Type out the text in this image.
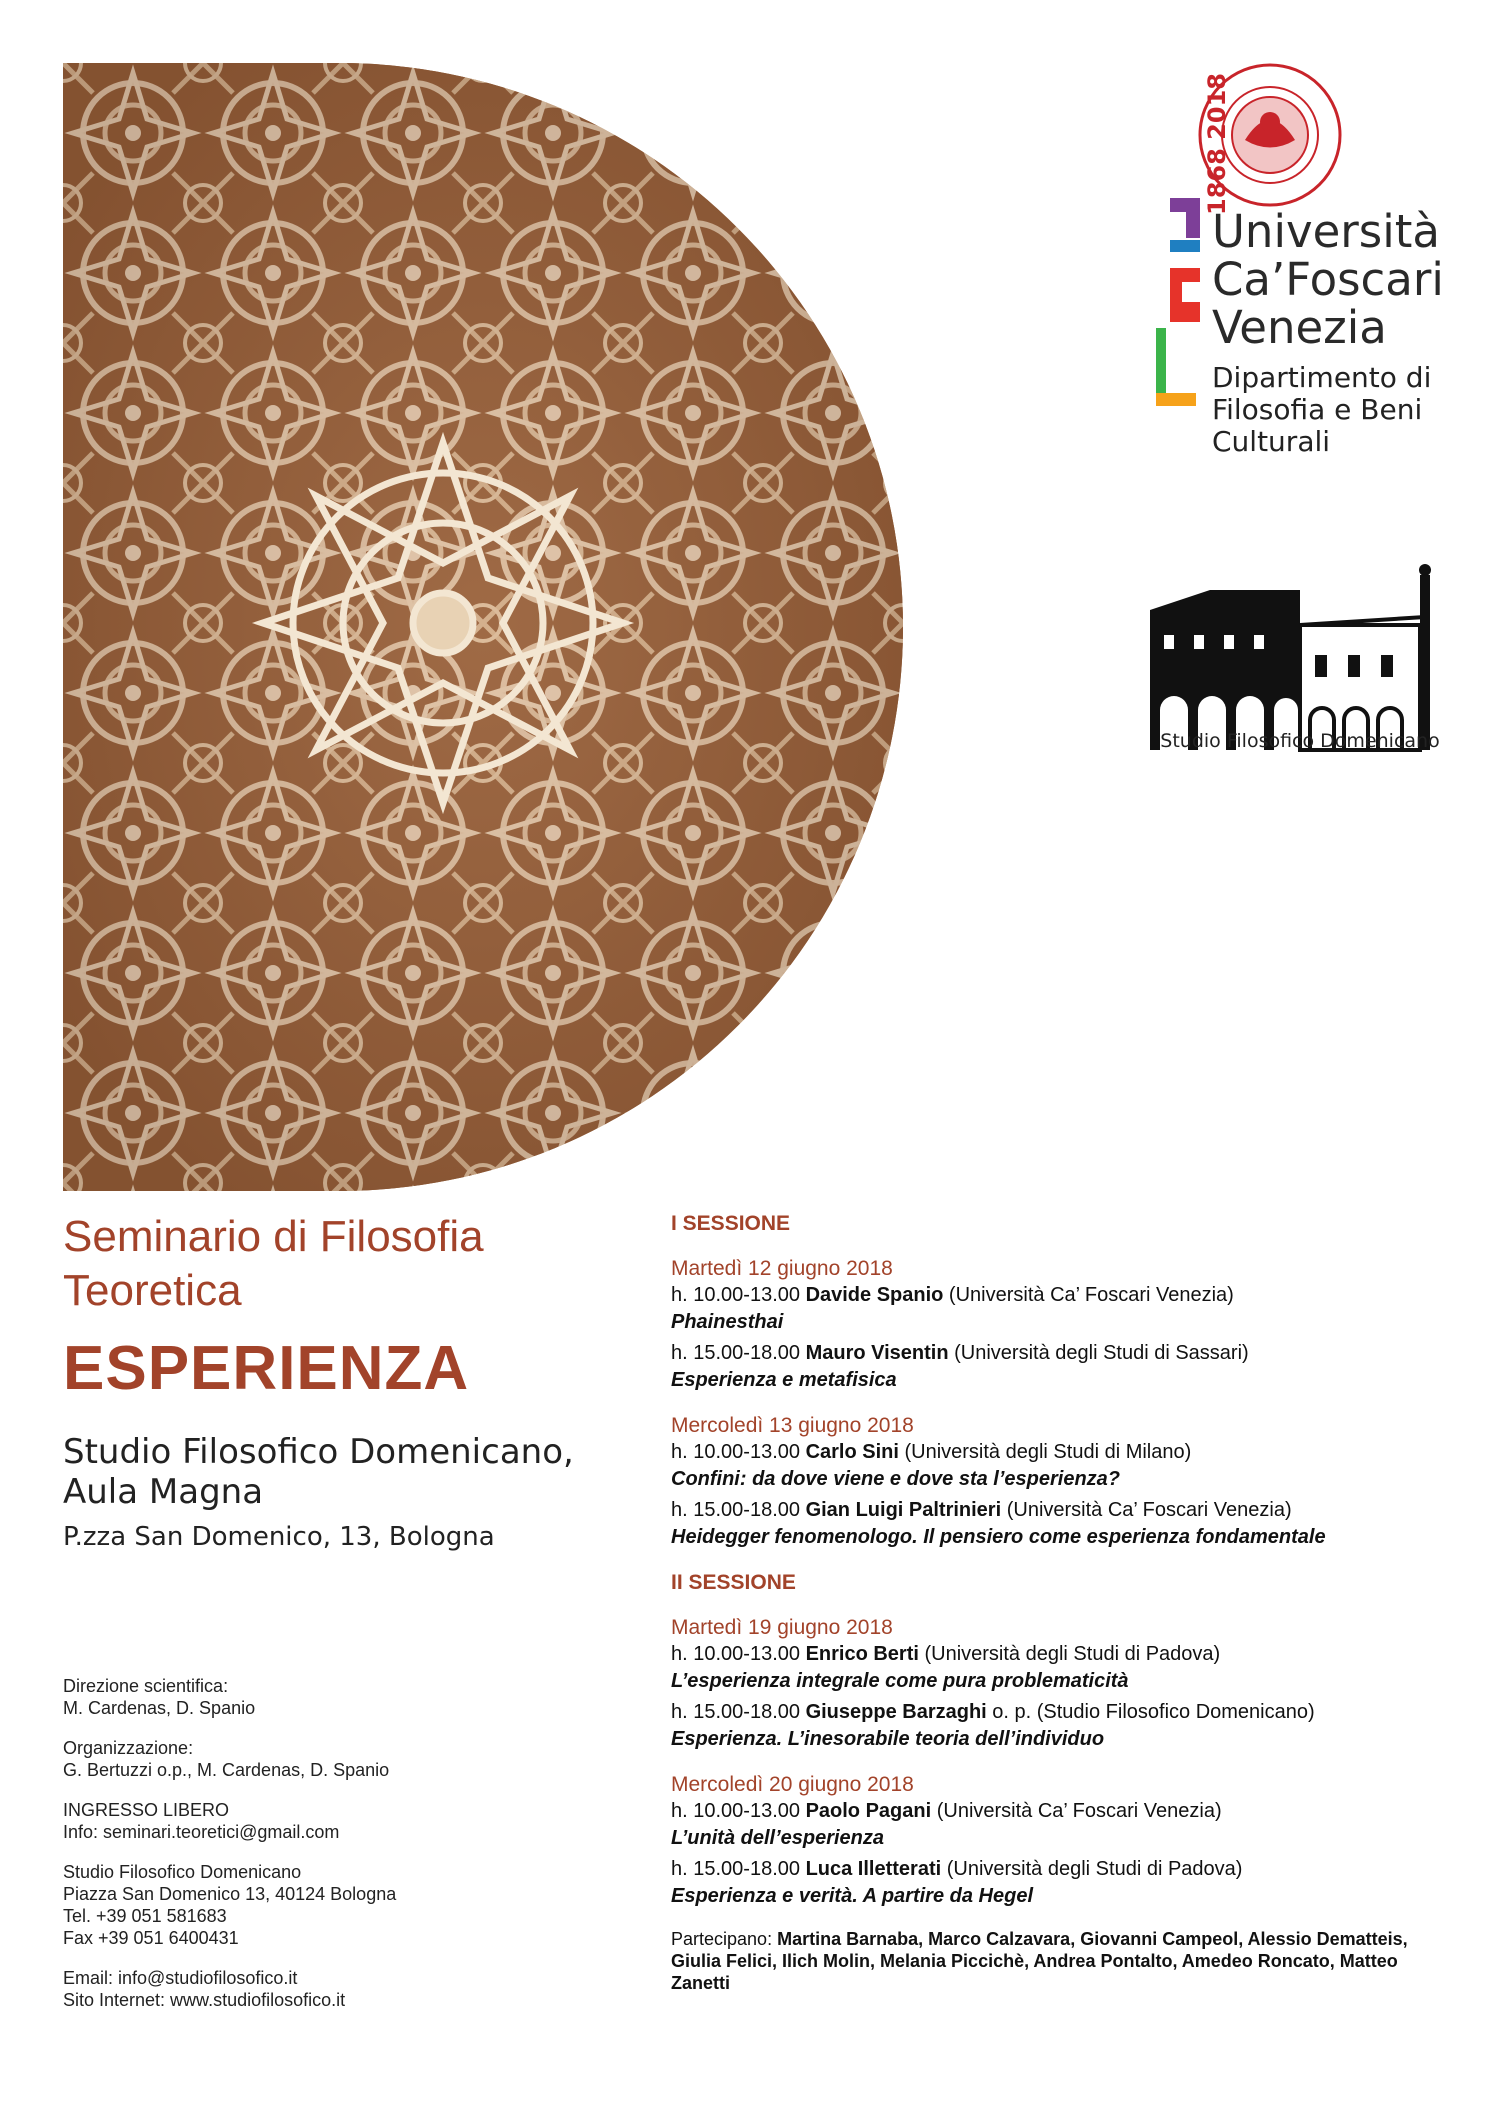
1868 2018
Università
Ca’Foscari
Venezia
Dipartimento di
Filosofia e Beni
Culturali
Studio Filosofico Domenicano
Seminario di Filosofia
Teoretica
ESPERIENZA

Studio Filosofico Domenicano,
Aula Magna

P.zza San Domenico, 13, Bologna

Direzione scientifica:
M. Cardenas, D. Spanio

Organizzazione:
G. Bertuzzi o.p., M. Cardenas, D. Spanio

INGRESSO LIBERO
Info: seminari.teoretici@gmail.com

Studio Filosofico Domenicano
Piazza San Domenico 13, 40124 Bologna
Tel. +39 051 581683
Fax +39 051 6400431

Email: info@studiofilosofico.it
Sito Internet: www.studiofilosofico.it

I SESSIONE

Martedì 12 giugno 2018

h. 10.00-13.00 Davide Spanio (Università Ca’ Foscari Venezia)

Phainesthai

h. 15.00-18.00 Mauro Visentin (Università degli Studi di Sassari)

Esperienza e metafisica

Mercoledì 13 giugno 2018

h. 10.00-13.00 Carlo Sini (Università degli Studi di Milano)

Confini: da dove viene e dove sta l’esperienza?

h. 15.00-18.00 Gian Luigi Paltrinieri (Università Ca’ Foscari Venezia)

Heidegger fenomenologo. Il pensiero come esperienza fondamentale

II SESSIONE

Martedì 19 giugno 2018

h. 10.00-13.00 Enrico Berti (Università degli Studi di Padova)

L’esperienza integrale come pura problematicità

h. 15.00-18.00 Giuseppe Barzaghi o. p. (Studio Filosofico Domenicano)

Esperienza. L’inesorabile teoria dell’individuo

Mercoledì 20 giugno 2018

h. 10.00-13.00 Paolo Pagani (Università Ca’ Foscari Venezia)

L’unità dell’esperienza

h. 15.00-18.00 Luca Illetterati (Università degli Studi di Padova)

Esperienza e verità. A partire da Hegel

Partecipano: Martina Barnaba, Marco Calzavara, Giovanni Campeol, Alessio Dematteis, Giulia Felici, Ilich Molin, Melania Piccichè, Andrea Pontalto, Amedeo Roncato, Matteo Zanetti
